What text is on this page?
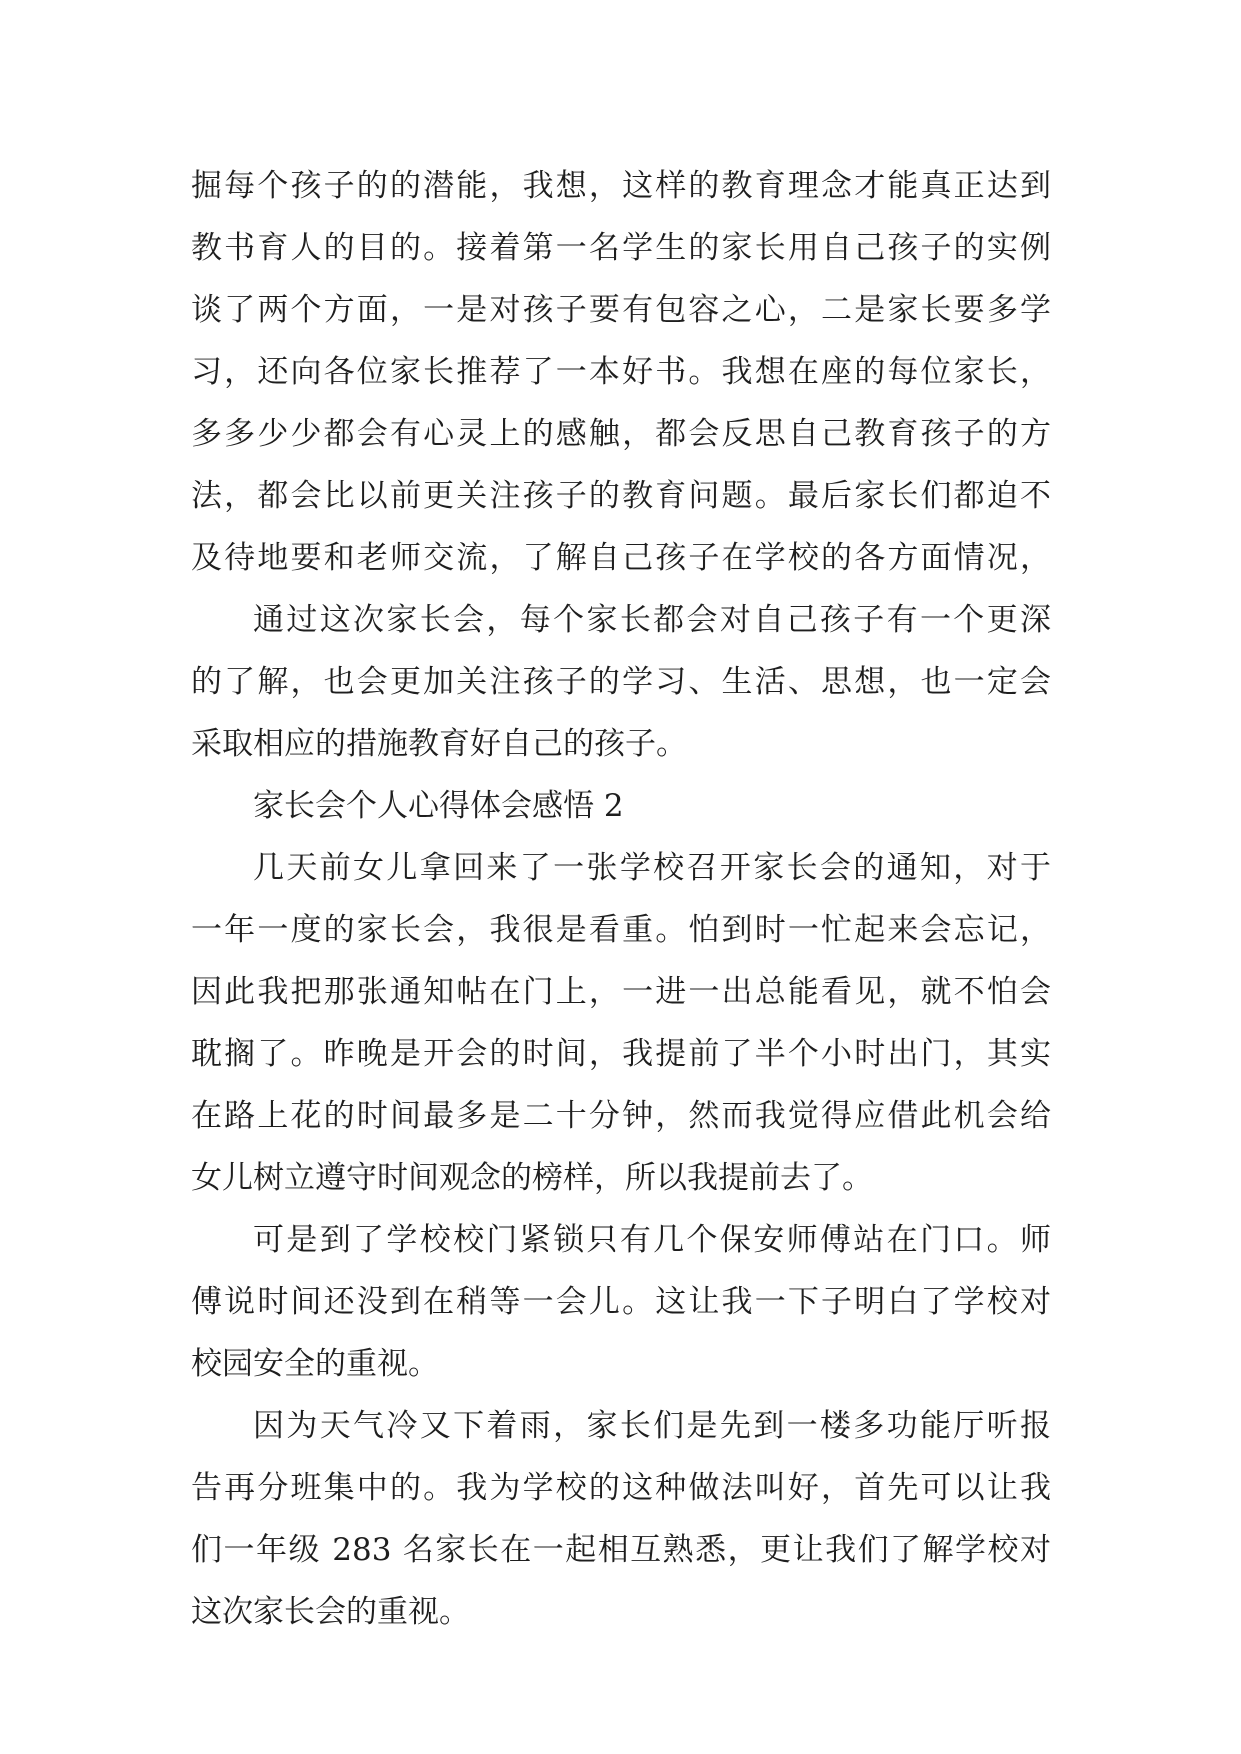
掘每个孩子的的潜能，我想，这样的教育理念才能真正达到
教书育人的目的。接着第一名学生的家长用自己孩子的实例
谈了两个方面，一是对孩子要有包容之心，二是家长要多学
习，还向各位家长推荐了一本好书。我想在座的每位家长，
多多少少都会有心灵上的感触，都会反思自己教育孩子的方
法，都会比以前更关注孩子的教育问题。最后家长们都迫不
及待地要和老师交流，了解自己孩子在学校的各方面情况，
通过这次家长会，每个家长都会对自己孩子有一个更深
的了解，也会更加关注孩子的学习、生活、思想，也一定会
采取相应的措施教育好自己的孩子。
家长会个人心得体会感悟 2
几天前女儿拿回来了一张学校召开家长会的通知，对于
一年一度的家长会，我很是看重。怕到时一忙起来会忘记，
因此我把那张通知帖在门上，一进一出总能看见，就不怕会
耽搁了。昨晚是开会的时间，我提前了半个小时出门，其实
在路上花的时间最多是二十分钟，然而我觉得应借此机会给
女儿树立遵守时间观念的榜样，所以我提前去了。
可是到了学校校门紧锁只有几个保安师傅站在门口。师
傅说时间还没到在稍等一会儿。这让我一下子明白了学校对
校园安全的重视。
因为天气冷又下着雨，家长们是先到一楼多功能厅听报
告再分班集中的。我为学校的这种做法叫好，首先可以让我
们一年级 283 名家长在一起相互熟悉，更让我们了解学校对
这次家长会的重视。
